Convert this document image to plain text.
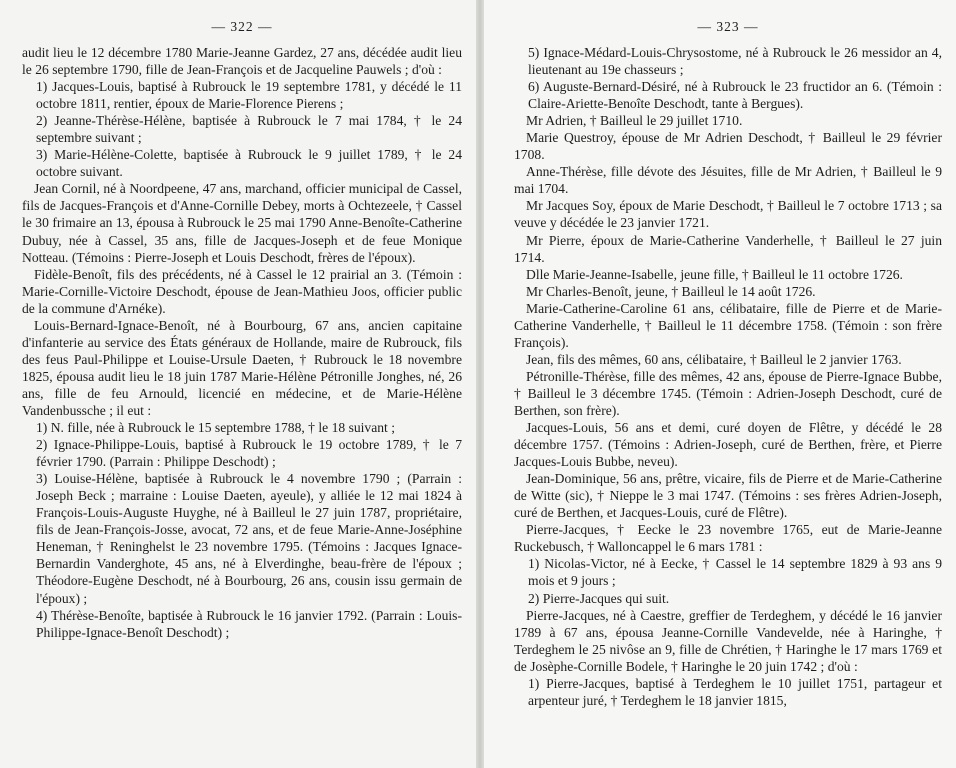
— 322 —

audit lieu le 12 décembre 1780 Marie-Jeanne Gardez, 27 ans, décédée audit lieu le 26 septembre 1790, fille de Jean-François et de Jacqueline Pauwels ; d'où :

1) Jacques-Louis, baptisé à Rubrouck le 19 septembre 1781, y décédé le 11 octobre 1811, rentier, époux de Marie-Florence Pierens ;

2) Jeanne-Thérèse-Hélène, baptisée à Rubrouck le 7 mai 1784, † le 24 septembre suivant ;

3) Marie-Hélène-Colette, baptisée à Rubrouck le 9 juillet 1789, † le 24 octobre suivant.

Jean Cornil, né à Noordpeene, 47 ans, marchand, officier municipal de Cassel, fils de Jacques-François et d'Anne-Cornille Debey, morts à Ochtezeele, † Cassel le 30 frimaire an 13, épousa à Rubrouck le 25 mai 1790 Anne-Benoîte-Catherine Dubuy, née à Cassel, 35 ans, fille de Jacques-Joseph et de feue Monique Notteau. (Témoins : Pierre-Joseph et Louis Deschodt, frères de l'époux).

Fidèle-Benoît, fils des précédents, né à Cassel le 12 prairial an 3. (Témoin : Marie-Cornille-Victoire Deschodt, épouse de Jean-Mathieu Joos, officier public de la commune d'Arnéke).

Louis-Bernard-Ignace-Benoît, né à Bourbourg, 67 ans, ancien capitaine d'infanterie au service des États généraux de Hollande, maire de Rubrouck, fils des feus Paul-Philippe et Louise-Ursule Daeten, † Rubrouck le 18 novembre 1825, épousa audit lieu le 18 juin 1787 Marie-Hélène Pétronille Jonghes, né, 26 ans, fille de feu Arnould, licencié en médecine, et de Marie-Hélène Vandenbussche ; il eut :

1) N. fille, née à Rubrouck le 15 septembre 1788, † le 18 suivant ;

2) Ignace-Philippe-Louis, baptisé à Rubrouck le 19 octobre 1789, † le 7 février 1790. (Parrain : Philippe Deschodt) ;

3) Louise-Hélène, baptisée à Rubrouck le 4 novembre 1790 ; (Parrain : Joseph Beck ; marraine : Louise Daeten, ayeule), y alliée le 12 mai 1824 à François-Louis-Auguste Huyghe, né à Bailleul le 27 juin 1787, propriétaire, fils de Jean-François-Josse, avocat, 72 ans, et de feue Marie-Anne-Joséphine Heneman, † Reninghelst le 23 novembre 1795. (Témoins : Jacques Ignace-Bernardin Vanderghote, 45 ans, né à Elverdinghe, beau-frère de l'époux ; Théodore-Eugène Deschodt, né à Bourbourg, 26 ans, cousin issu germain de l'époux) ;

4) Thérèse-Benoîte, baptisée à Rubrouck le 16 janvier 1792. (Parrain : Louis-Philippe-Ignace-Benoît Deschodt) ;

— 323 —

5) Ignace-Médard-Louis-Chrysostome, né à Rubrouck le 26 messidor an 4, lieutenant au 19e chasseurs ;

6) Auguste-Bernard-Désiré, né à Rubrouck le 23 fructidor an 6. (Témoin : Claire-Ariette-Benoîte Deschodt, tante à Bergues).

Mr Adrien, † Bailleul le 29 juillet 1710.

Marie Questroy, épouse de Mr Adrien Deschodt, † Bailleul le 29 février 1708.

Anne-Thérèse, fille dévote des Jésuites, fille de Mr Adrien, † Bailleul le 9 mai 1704.

Mr Jacques Soy, époux de Marie Deschodt, † Bailleul le 7 octobre 1713 ; sa veuve y décédée le 23 janvier 1721.

Mr Pierre, époux de Marie-Catherine Vanderhelle, † Bailleul le 27 juin 1714.

Dlle Marie-Jeanne-Isabelle, jeune fille, † Bailleul le 11 octobre 1726.

Mr Charles-Benoît, jeune, † Bailleul le 14 août 1726.

Marie-Catherine-Caroline 61 ans, célibataire, fille de Pierre et de Marie-Catherine Vanderhelle, † Bailleul le 11 décembre 1758. (Témoin : son frère François).

Jean, fils des mêmes, 60 ans, célibataire, † Bailleul le 2 janvier 1763.

Pétronille-Thérèse, fille des mêmes, 42 ans, épouse de Pierre-Ignace Bubbe, † Bailleul le 3 décembre 1745. (Témoin : Adrien-Joseph Deschodt, curé de Berthen, son frère).

Jacques-Louis, 56 ans et demi, curé doyen de Flêtre, y décédé le 28 décembre 1757. (Témoins : Adrien-Joseph, curé de Berthen, frère, et Pierre Jacques-Louis Bubbe, neveu).

Jean-Dominique, 56 ans, prêtre, vicaire, fils de Pierre et de Marie-Catherine de Witte (sic), † Nieppe le 3 mai 1747. (Témoins : ses frères Adrien-Joseph, curé de Berthen, et Jacques-Louis, curé de Flêtre).

Pierre-Jacques, † Eecke le 23 novembre 1765, eut de Marie-Jeanne Ruckebusch, † Walloncappel le 6 mars 1781 :

1) Nicolas-Victor, né à Eecke, † Cassel le 14 septembre 1829 à 93 ans 9 mois et 9 jours ;

2) Pierre-Jacques qui suit.

Pierre-Jacques, né à Caestre, greffier de Terdeghem, y décédé le 16 janvier 1789 à 67 ans, épousa Jeanne-Cornille Vandevelde, née à Haringhe, † Terdeghem le 25 nivôse an 9, fille de Chrétien, † Haringhe le 17 mars 1769 et de Josèphe-Cornille Bodele, † Haringhe le 20 juin 1742 ; d'où :

1) Pierre-Jacques, baptisé à Terdeghem le 10 juillet 1751, partageur et arpenteur juré, † Terdeghem le 18 janvier 1815,
